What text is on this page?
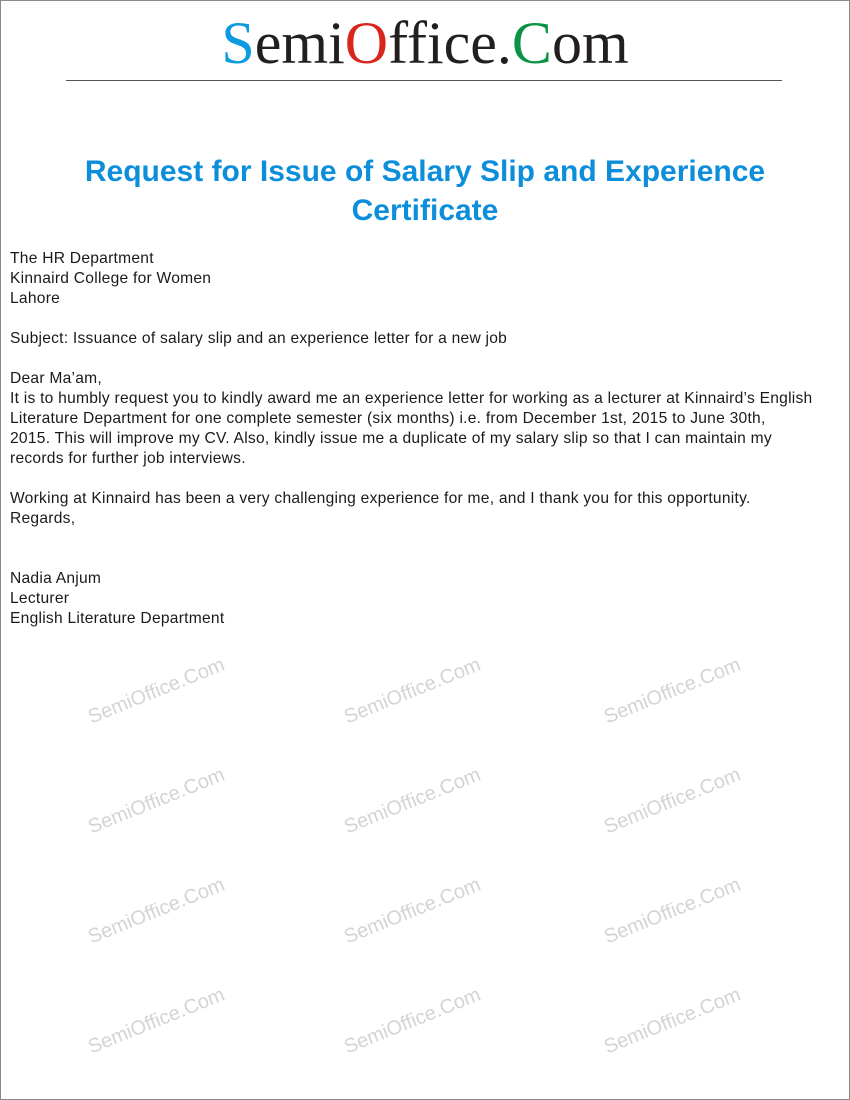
SemiOffice.Com
SemiOffice.Com	SemiOffice.Com	SemiOffice.Com
SemiOffice.Com	SemiOffice.Com	SemiOffice.Com
SemiOffice.Com	SemiOffice.Com	SemiOffice.Com
SemiOffice.Com	SemiOffice.Com	SemiOffice.Com
Request for Issue of Salary Slip and Experience
Certificate
The HR Department
Kinnaird College for Women
Lahore
Subject: Issuance of salary slip and an experience letter for a new job
Dear Ma’am,
It is to humbly request you to kindly award me an experience letter for working as a lecturer at Kinnaird’s English
Literature Department for one complete semester (six months) i.e. from December 1st, 2015 to June 30th,
2015. This will improve my CV. Also, kindly issue me a duplicate of my salary slip so that I can maintain my
records for further job interviews.
Working at Kinnaird has been a very challenging experience for me, and I thank you for this opportunity.
Regards,
Nadia Anjum
Lecturer
English Literature Department
